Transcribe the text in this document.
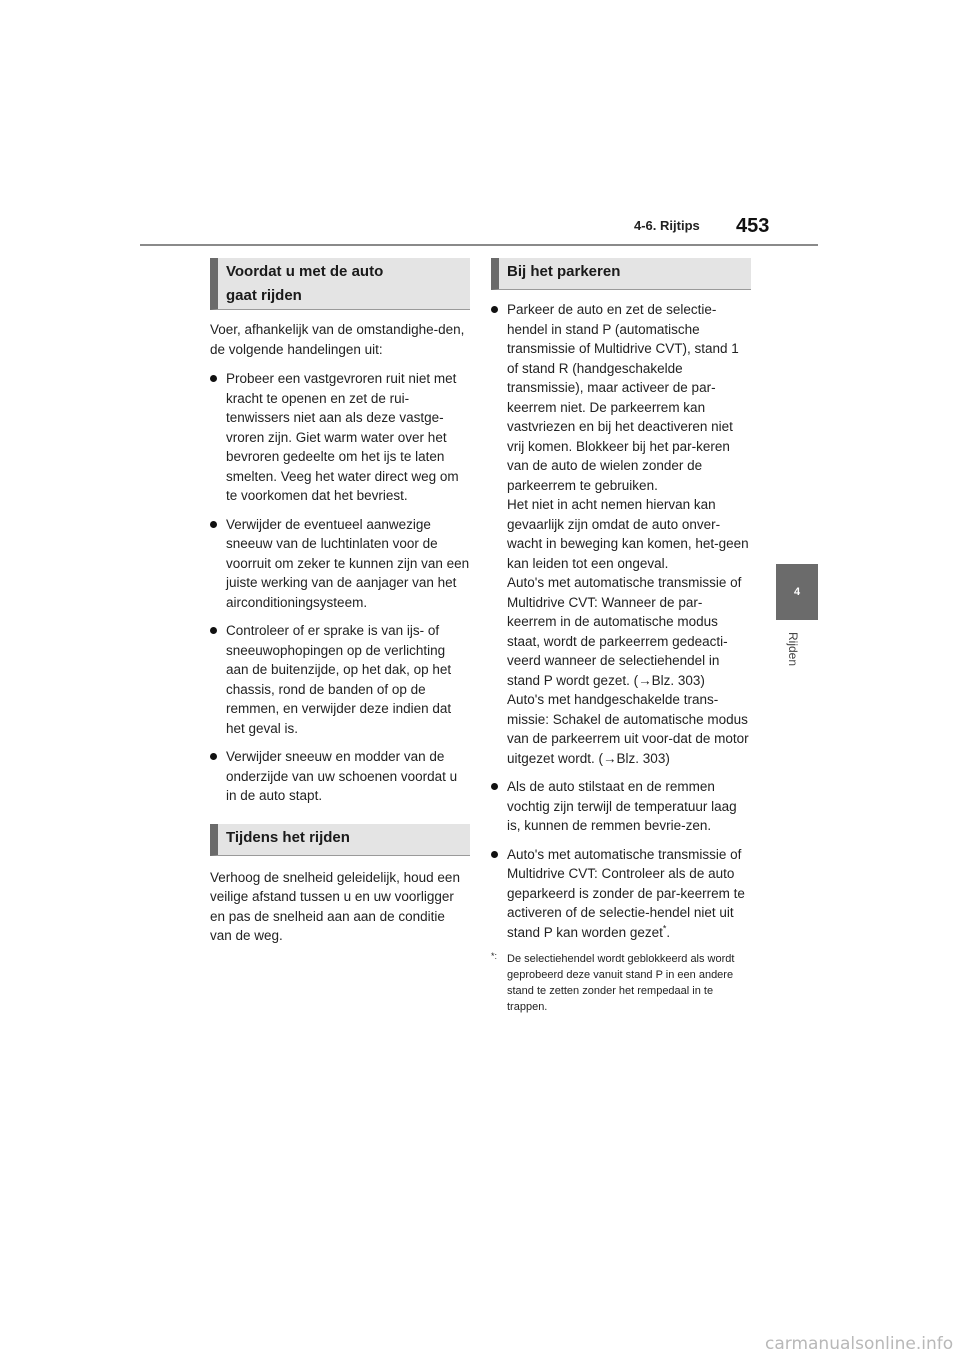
4-6. Rijtips 453
4
Rijden
Voordat u met de auto
gaat rijden

Voer, afhankelijk van de omstandighe-den, de volgende handelingen uit:

Probeer een vastgevroren ruit niet met kracht te openen en zet de rui-tenwissers niet aan als deze vastge-vroren zijn. Giet warm water over het bevroren gedeelte om het ijs te laten smelten. Veeg het water direct weg om te voorkomen dat het bevriest.

Verwijder de eventueel aanwezige sneeuw van de luchtinlaten voor de voorruit om zeker te kunnen zijn van een juiste werking van de aanjager van het airconditioningsysteem.

Controleer of er sprake is van ijs- of sneeuwophopingen op de verlichting aan de buitenzijde, op het dak, op het chassis, rond de banden of op de remmen, en verwijder deze indien dat het geval is.

Verwijder sneeuw en modder van de onderzijde van uw schoenen voordat u in de auto stapt.

Tijdens het rijden

Verhoog de snelheid geleidelijk, houd een veilige afstand tussen u en uw voorligger en pas de snelheid aan aan de conditie van de weg.

Bij het parkeren

Parkeer de auto en zet de selectie-hendel in stand P (automatische transmissie of Multidrive CVT), stand 1 of stand R (handgeschakelde transmissie), maar activeer de par-keerrem niet. De parkeerrem kan vastvriezen en bij het deactiveren niet vrij komen. Blokkeer bij het par-keren van de auto de wielen zonder de parkeerrem te gebruiken.

Het niet in acht nemen hiervan kan gevaarlijk zijn omdat de auto onver-wacht in beweging kan komen, het-geen kan leiden tot een ongeval.

Auto's met automatische transmissie of Multidrive CVT: Wanneer de par-keerrem in de automatische modus staat, wordt de parkeerrem gedeacti-veerd wanneer de selectiehendel in stand P wordt gezet. (→Blz. 303)

Auto's met handgeschakelde trans-missie: Schakel de automatische modus van de parkeerrem uit voor-dat de motor uitgezet wordt. (→Blz. 303)

Als de auto stilstaat en de remmen vochtig zijn terwijl de temperatuur laag is, kunnen de remmen bevrie-zen.

Auto's met automatische transmissie of Multidrive CVT: Controleer als de auto geparkeerd is zonder de par-keerrem te activeren of de selectie-hendel niet uit stand P kan worden gezet*.

*: De selectiehendel wordt geblokkeerd als wordt geprobeerd deze vanuit stand P in een andere stand te zetten zonder het rempedaal in te trappen.
carmanualsonline.info
